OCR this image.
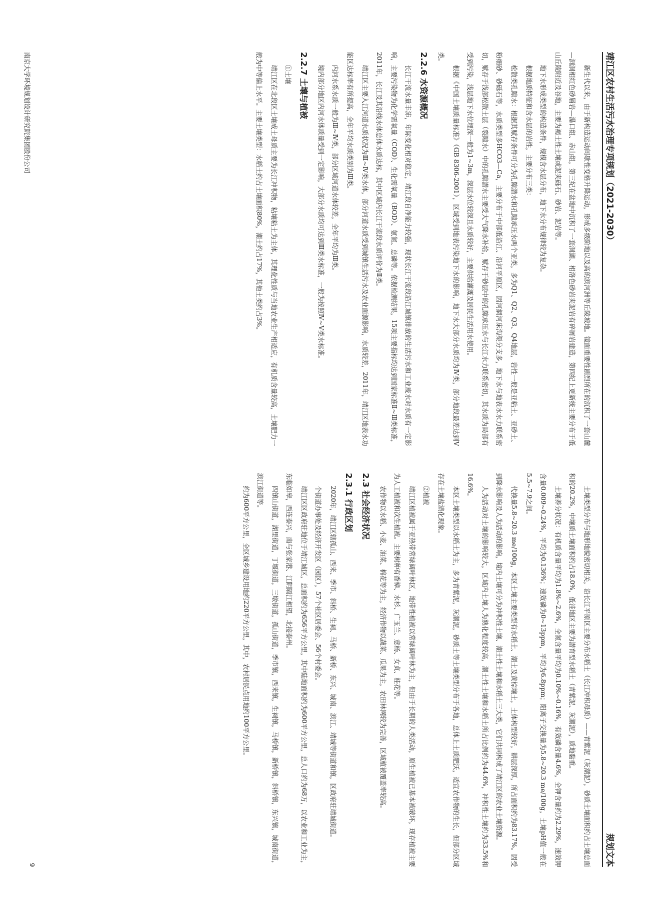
靖江区农村生活污水治理专项规划（2021-2030）
规划文本

新生代以来，由于新构造运动间歇性变格升降运动，形成多级阶地以及高的滨河洲等丘陵坡地。镜面重要性剧烈所在的沉积了一套山麓—洞洞相红色砂層岩—瀑口组、赤山组，第三纪在盆地中沉积了一套洞湖、相洛色砂岩夹泥岩有碎屑岩建造，第四纪上更新统主要分布于低山丘陵附近及谷地，主要为褐土性土壤或泥夹砾石、砂岩、泥岩等。

地下水形成类型的构造条件，规模含水层分布，地下水分布规律较为复杂。

根据地质特征和含水层的岩性，主要分布三类：

松散类孔隙水：根据其赋存条件可分为孔隙潜水和孔隙承压水两个亚类，多为Q1、Q2、Q3、Q4地层，岩性一般是亚粘土、亚砂土、粉细砂、砂砾石等，水质类型多HCO3—Ca，主要分布于中部低沿江、沿河平原区，因河網河床沟渠分支多，地下水与地表水水力联系密切，赋存于浅部松散土层（裂隙水）中的孔隙潜水主要受大气降水补给，赋存于砂层中的孔隙承压水与长江水力联系密切，其水质为局部有受到污染，浅层地下水位埋深一般为1~3m，深层水位较深且水质较好，主要供给灌溉及居民生活用水使用。

根据《中国土壤质量标准》（GB 8306-2001），区域受到地表污染地下水的影响，地下水大部分水质均为Ⅳ类，部分地段最差达到Ⅴ类。

2.2.6 水资源概况

长江干流水量丰沛，年际变化相对稳定，靖江段自净能力较强，现状长江干流段沿江城镇排放的生活污水和工业废水对水质有一定影响，主要污染物为化学需氧量（COD）、生化需氧量（BOD）、氨氮、总磷等。依据检测结果，15项主要指标均达到国家标准Ⅱ~Ⅲ类标准，2011年，长江及其沿线水体总体水质达标，其中区域内长江干流段水质评价为Ⅱ类。

靖江区主要入江河道水质状况为Ⅲ~Ⅳ类水体，部分河道水质受到城镇生活污水及农业面源影响，水质较差，2011年，靖江区地表水功能区达标率有所提高，全年平均水质类别为Ⅲ类。

内河水系水质一般为Ⅲ~Ⅳ类，部分区域河道水体较差，全年平均为Ⅲ类。

境内部分地区内河水体质量受到一定影响，大部分水质均可达到Ⅲ类水标准，一般为按照Ⅳ~Ⅴ类水标准。

2.2.7 土壤与植被

①土壤

靖江区在北段区土壤成土母质主要为长江冲积物，粘壤粘土为主体，其理化性质与当地农业生产相适应，有机质含量较高，土壤肥力一般为中等偏上水平。主要土壤类型：水稻土约占土壤面积80%，潮土约占17%，其他土类约占3%。

土壤类型分布与地形地貌密切相关，沿长江平原区主要分布水稻土（长江冲积母质）——青紫泥（灰潮泥），砂质土壤面积约占土壤总面积的20.2%，中壤质土壤面积约占18.0%，低洼地区主要为潜育型水稻土（青紫泥、灰潮泥），质地黏重。

土壤养分状况：有机质含量平均为1.8%~2.6%，全氮含量平均为0.10%~0.16%，有效磷含量4.6%，全钾含量约为2.29%，速效钾含量0.009~0.24%，平均为0.136%；速效磷为0~13ppm，平均为6.8ppm；阳离子交换量为5.8~20.3 me/100g，土壤pH值一般在5.5~7.9之间。

代换量5.8~20.3 me/100g，本区土壤主要类型有水稻土、潮土及黄棕壤土，土体构型较好，耕层深厚，所占面积约为83.17%。因受到降水影响及人为活动的影响，境内土壤可分为冲积性土壤、潮土性土壤和水稻土三大类，它们共同构成了靖江区的农业土壤资源。

人为活动对土壤的影响较大，区域内土壤人为熟化程度较高，潮土性土壤和水稻土所占比例约为44.6%，冲积性土壤约为33.5%和16.6%。

本区土壤类型以水稻土为主，多为青紫泥，灰潮泥，砂质土等土壤类型分布于各地，总体上土质肥沃，适宜农作物的生长，但部分区域存在土壤盐渍化现象。

②植被

靖江区植被属于亚热带常绿阔叶林区，地带性植被以常绿阔叶林为主，但由于长期的人类活动，原生植被已基本被破坏，现存植被主要为人工植被和次生植被。主要树种有香樟、水杉、广玉兰、意杨、女贞、桂花等。

农作物以水稻、小麦、油菜、棉花等为主，经济作物以蔬菜、瓜果为主，农田林网较为完善，区域植被覆盖率较高。

2.3 社会经济状况
2.3.1 行政区划

2020年，靖江区辖孤山、西来、季市、斜桥、生祠、马桥、新桥、东兴、城南、滨江、靖城等街道和镇，区政府驻靖城街道。

个街道办事处及经济开发区（园区），57个社区居委会、56个村委会。

靖江区区政府驻地位于靖江城区，总面积约为656平方公里，其中陆地面积约为600平方公里，总人口约为68万，以农业和工业为主，东临如皋，西连泰兴，南与张家港、江阴隔江相望，北接泰州。

四镇山街道，湖里街道，丁堰街道，三墩街道，孤山街道，季市镇，西来镇，生祠镇，马桥镇，新桥镇，斜桥镇，东兴镇，城南街道，滨江街道等。

约为600平方公里，全区城乡建设用地约220平方公里，其中，农村居民点用地约100平方公里。

南京大学环境规划设计研究院集团股份公司
9
